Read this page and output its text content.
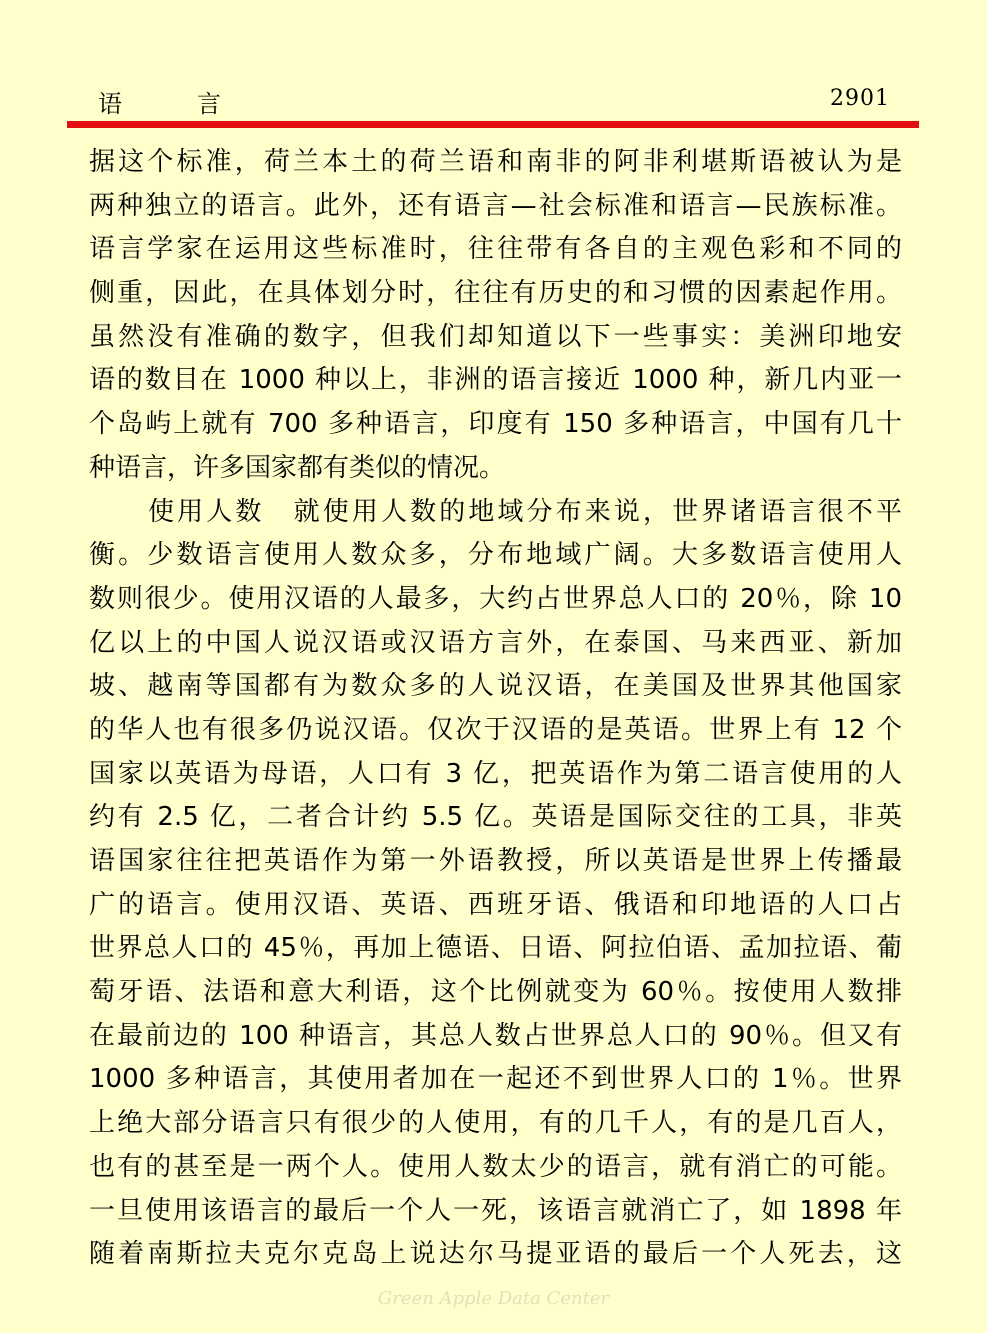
语	言	2901
据这个标准，荷兰本土的荷兰语和南非的阿非利堪斯语被认为是
两种独立的语言。此外，还有语言—社会标准和语言—民族标准。
语言学家在运用这些标准时，往往带有各自的主观色彩和不同的
侧重，因此，在具体划分时，往往有历史的和习惯的因素起作用。
虽然没有准确的数字，但我们却知道以下一些事实：美洲印地安
语的数目在 1000 种以上，非洲的语言接近 1000 种，新几内亚一
个岛屿上就有 700 多种语言，印度有 150 多种语言，中国有几十
种语言，许多国家都有类似的情况。
使用人数　就使用人数的地域分布来说，世界诸语言很不平
衡。少数语言使用人数众多，分布地域广阔。大多数语言使用人
数则很少。使用汉语的人最多，大约占世界总人口的 20％，除 10
亿以上的中国人说汉语或汉语方言外，在泰国、马来西亚、新加
坡、越南等国都有为数众多的人说汉语，在美国及世界其他国家
的华人也有很多仍说汉语。仅次于汉语的是英语。世界上有 12 个
国家以英语为母语，人口有 3 亿，把英语作为第二语言使用的人
约有 2.5 亿，二者合计约 5.5 亿。英语是国际交往的工具，非英
语国家往往把英语作为第一外语教授，所以英语是世界上传播最
广的语言。使用汉语、英语、西班牙语、俄语和印地语的人口占
世界总人口的 45％，再加上德语、日语、阿拉伯语、孟加拉语、葡
萄牙语、法语和意大利语，这个比例就变为 60％。按使用人数排
在最前边的 100 种语言，其总人数占世界总人口的 90％。但又有
1000 多种语言，其使用者加在一起还不到世界人口的 1％。世界
上绝大部分语言只有很少的人使用，有的几千人，有的是几百人，
也有的甚至是一两个人。使用人数太少的语言，就有消亡的可能。
一旦使用该语言的最后一个人一死，该语言就消亡了，如 1898 年
随着南斯拉夫克尔克岛上说达尔马提亚语的最后一个人死去，这
Green Apple Data Center
